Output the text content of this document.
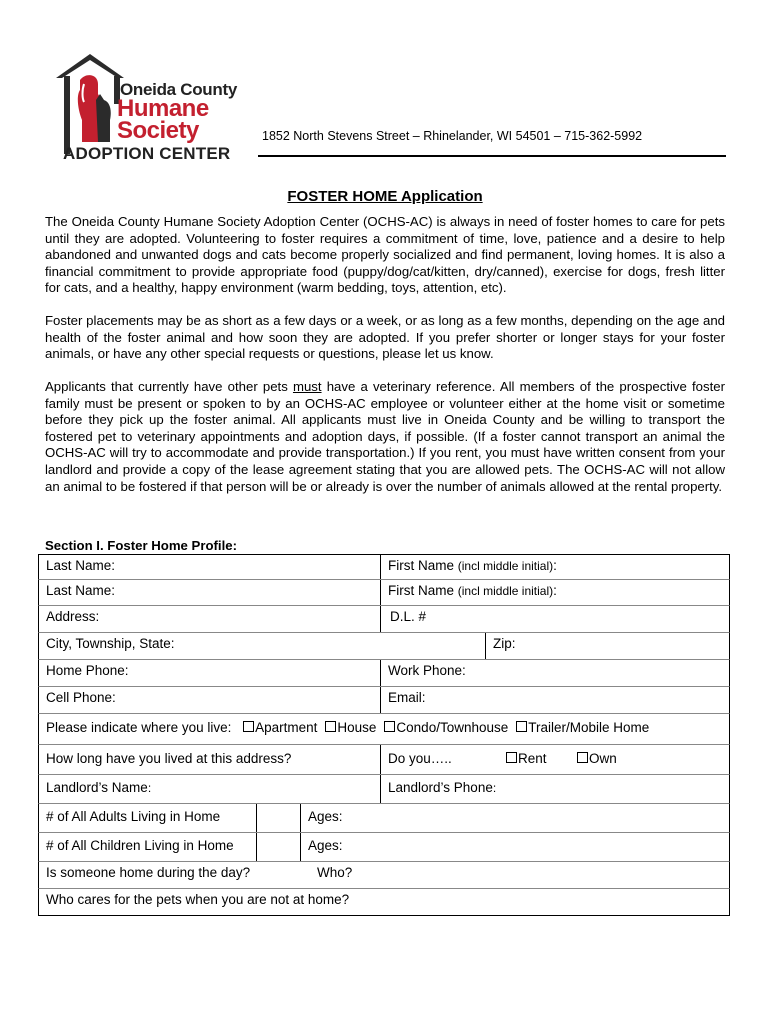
Oneida County
Humane
Society
ADOPTION CENTER
1852 North Stevens Street – Rhinelander, WI 54501 – 715-362-5992
FOSTER HOME Application
The Oneida County Humane Society Adoption Center (OCHS-AC) is always in need of foster homes to care for pets until they are adopted. Volunteering to foster requires a commitment of time, love, patience and a desire to help abandoned and unwanted dogs and cats become properly socialized and find permanent, loving homes. It is also a financial commitment to provide appropriate food (puppy/dog/cat/kitten, dry/canned), exercise for dogs, fresh litter for cats, and a healthy, happy environment (warm bedding, toys, attention, etc).
Foster placements may be as short as a few days or a week, or as long as a few months, depending on the age and health of the foster animal and how soon they are adopted. If you prefer shorter or longer stays for your foster animals, or have any other special requests or questions, please let us know.
Applicants that currently have other pets must have a veterinary reference. All members of the prospective foster family must be present or spoken to by an OCHS-AC employee or volunteer either at the home visit or sometime before they pick up the foster animal. All applicants must live in Oneida County and be willing to transport the fostered pet to veterinary appointments and adoption days, if possible. (If a foster cannot transport an animal the OCHS-AC will try to accommodate and provide transportation.) If you rent, you must have written consent from your landlord and provide a copy of the lease agreement stating that you are allowed pets. The OCHS-AC will not allow an animal to be fostered if that person will be or already is over the number of animals allowed at the rental property.
Section I. Foster Home Profile:
Last Name:	First Name (incl middle initial):
Last Name:	First Name (incl middle initial):
Address:	D.L. #
City, Township, State:	Zip:
Home Phone:	Work Phone:
Cell Phone:	Email:
Please indicate where you live: Apartment House Condo/Townhouse Trailer/Mobile Home
How long have you lived at this address?	Do you…..	Rent	Own
Landlord’s Name:	Landlord’s Phone:
# of All Adults Living in Home	Ages:
# of All Children Living in Home	Ages:
Is someone home during the day?	Who?
Who cares for the pets when you are not at home?
